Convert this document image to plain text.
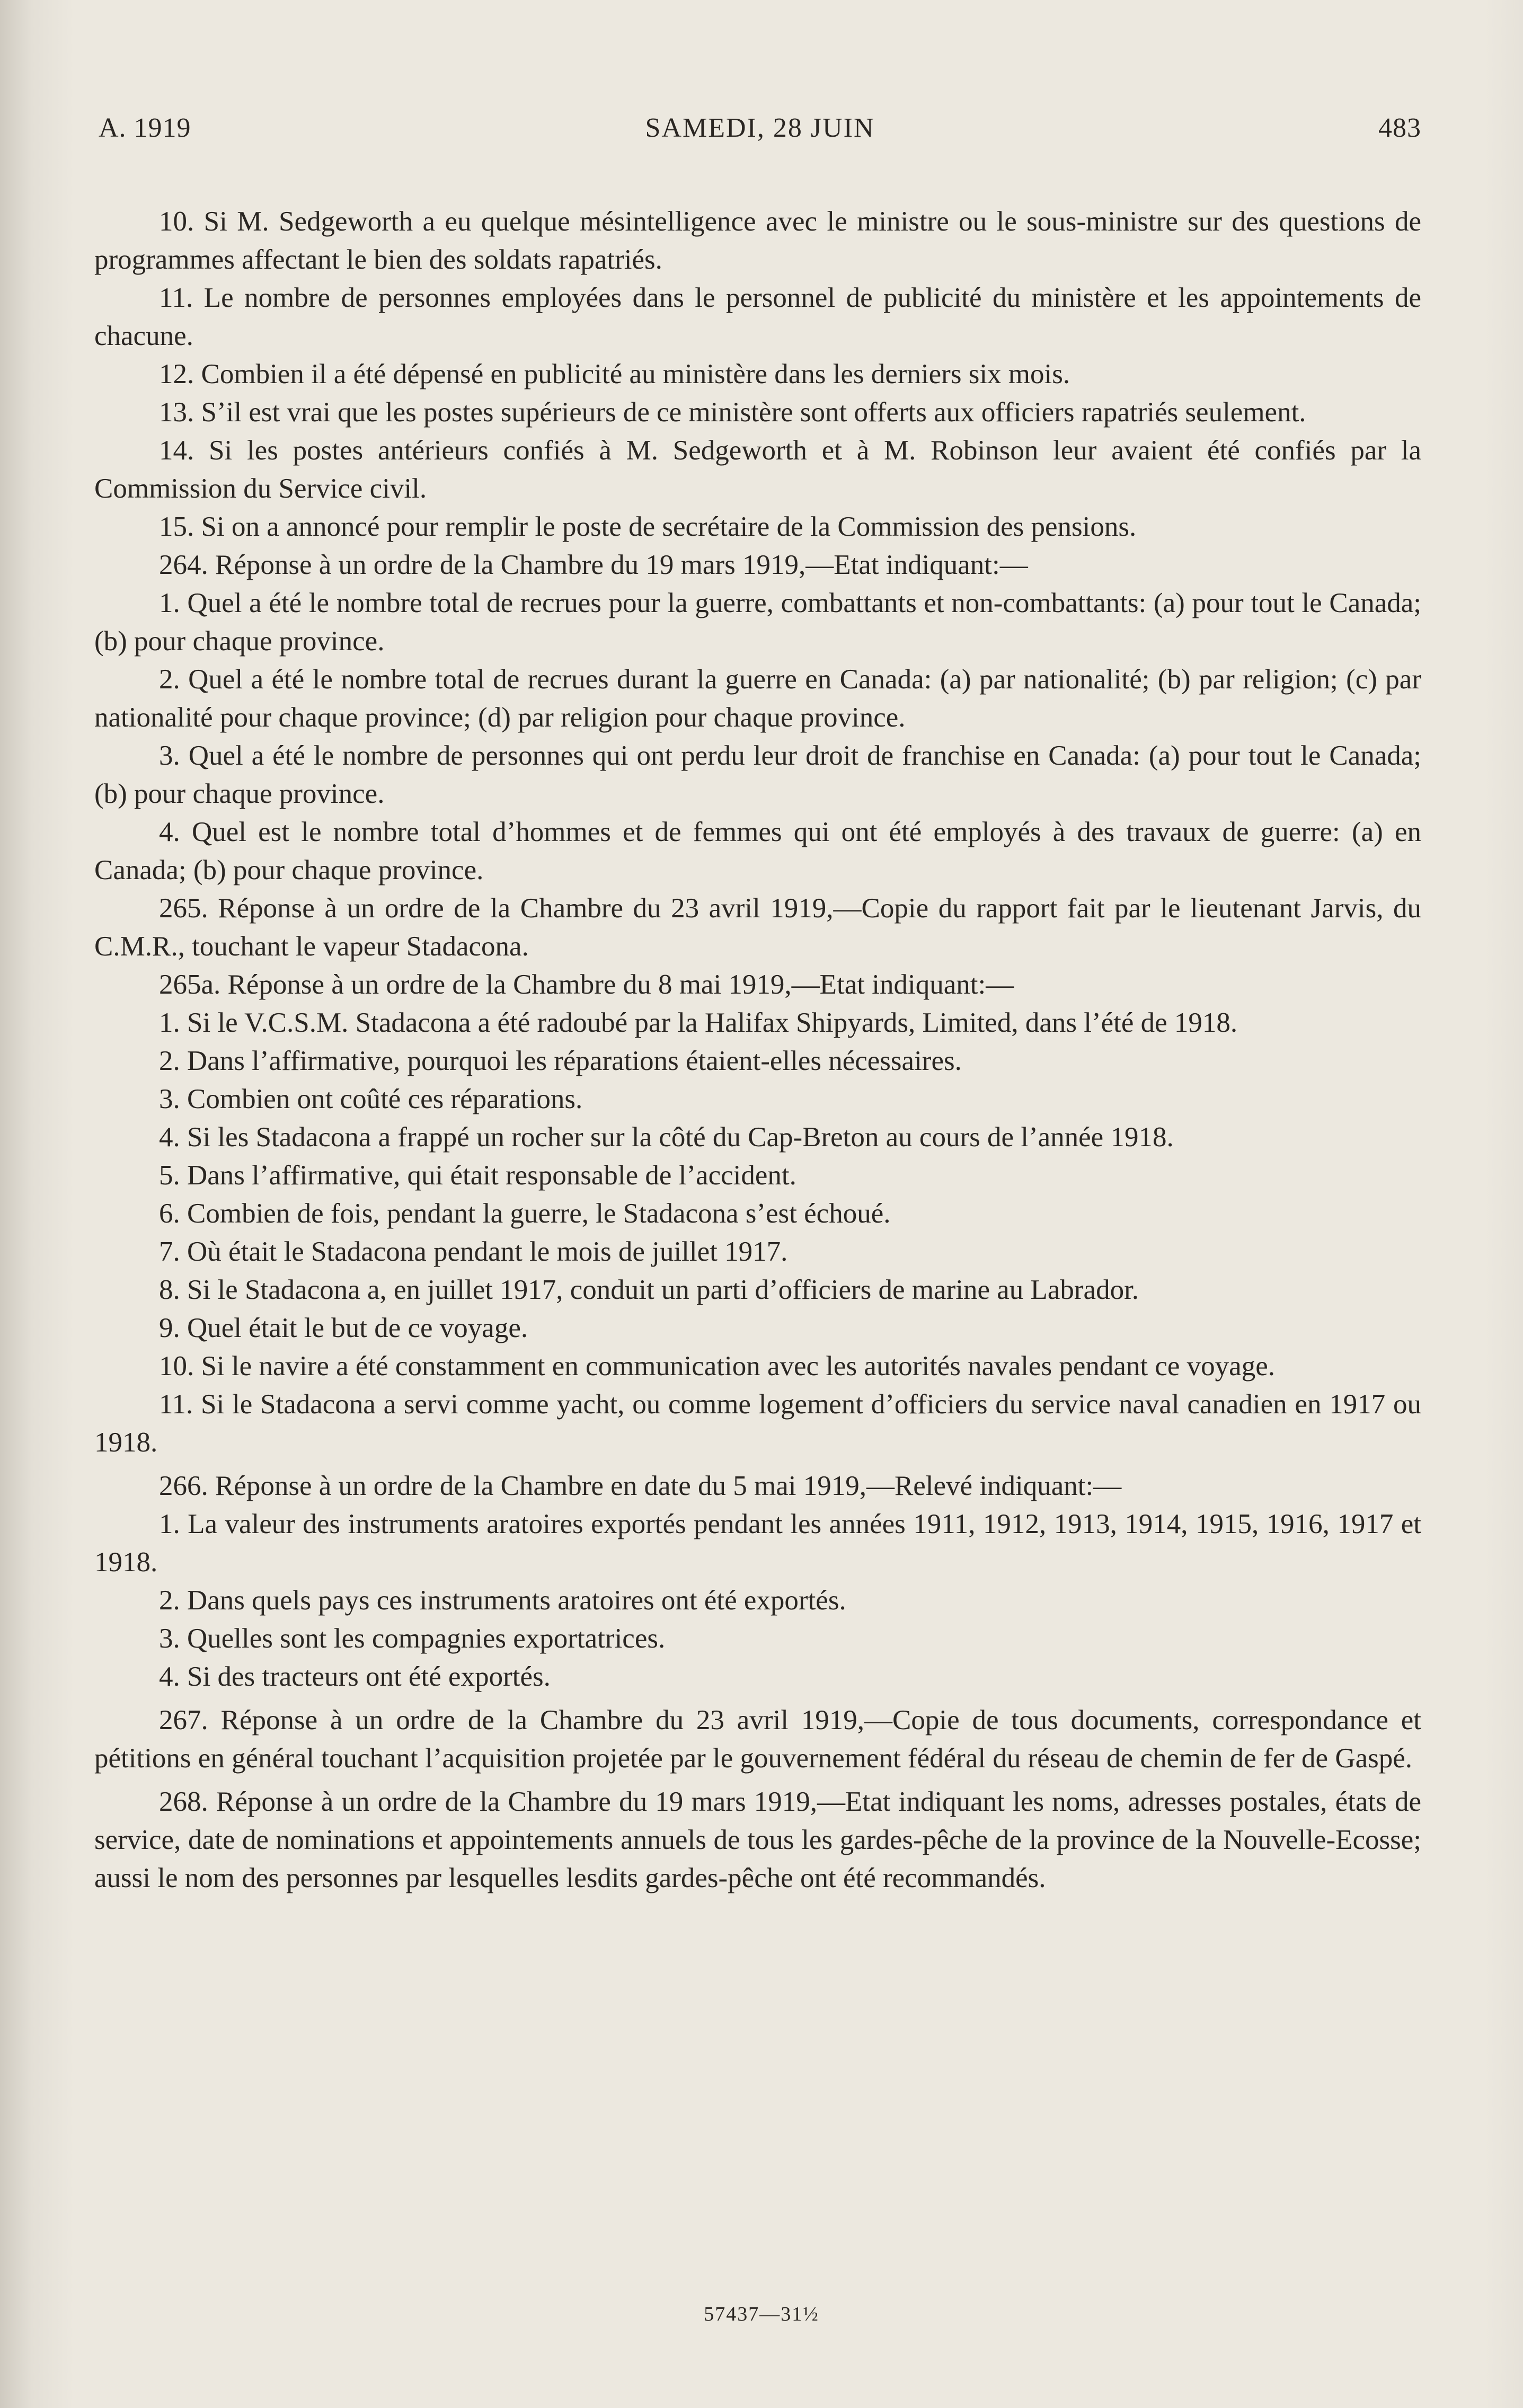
A. 1919	SAMEDI, 28 JUIN	483

10. Si M. Sedgeworth a eu quelque mésintelligence avec le ministre ou le sous-ministre sur des questions de programmes affectant le bien des soldats rapatriés.

11. Le nombre de personnes employées dans le personnel de publicité du ministère et les appointements de chacune.

12. Combien il a été dépensé en publicité au ministère dans les derniers six mois.

13. S’il est vrai que les postes supérieurs de ce ministère sont offerts aux officiers rapatriés seulement.

14. Si les postes antérieurs confiés à M. Sedgeworth et à M. Robinson leur avaient été confiés par la Commission du Service civil.

15. Si on a annoncé pour remplir le poste de secrétaire de la Commission des pensions.

264. Réponse à un ordre de la Chambre du 19 mars 1919,—Etat indiquant:—

1. Quel a été le nombre total de recrues pour la guerre, combattants et non-combattants: (a) pour tout le Canada; (b) pour chaque province.

2. Quel a été le nombre total de recrues durant la guerre en Canada: (a) par nationalité; (b) par religion; (c) par nationalité pour chaque province; (d) par religion pour chaque province.

3. Quel a été le nombre de personnes qui ont perdu leur droit de franchise en Canada: (a) pour tout le Canada; (b) pour chaque province.

4. Quel est le nombre total d’hommes et de femmes qui ont été employés à des travaux de guerre: (a) en Canada; (b) pour chaque province.

265. Réponse à un ordre de la Chambre du 23 avril 1919,—Copie du rapport fait par le lieutenant Jarvis, du C.M.R., touchant le vapeur Stadacona.

265a. Réponse à un ordre de la Chambre du 8 mai 1919,—Etat indiquant:—

1. Si le V.C.S.M. Stadacona a été radoubé par la Halifax Shipyards, Limited, dans l’été de 1918.

2. Dans l’affirmative, pourquoi les réparations étaient-elles nécessaires.

3. Combien ont coûté ces réparations.

4. Si les Stadacona a frappé un rocher sur la côté du Cap-Breton au cours de l’année 1918.

5. Dans l’affirmative, qui était responsable de l’accident.

6. Combien de fois, pendant la guerre, le Stadacona s’est échoué.

7. Où était le Stadacona pendant le mois de juillet 1917.

8. Si le Stadacona a, en juillet 1917, conduit un parti d’officiers de marine au Labrador.

9. Quel était le but de ce voyage.

10. Si le navire a été constamment en communication avec les autorités navales pendant ce voyage.

11. Si le Stadacona a servi comme yacht, ou comme logement d’officiers du service naval canadien en 1917 ou 1918.

266. Réponse à un ordre de la Chambre en date du 5 mai 1919,—Relevé indiquant:—

1. La valeur des instruments aratoires exportés pendant les années 1911, 1912, 1913, 1914, 1915, 1916, 1917 et 1918.

2. Dans quels pays ces instruments aratoires ont été exportés.

3. Quelles sont les compagnies exportatrices.

4. Si des tracteurs ont été exportés.

267. Réponse à un ordre de la Chambre du 23 avril 1919,—Copie de tous documents, correspondance et pétitions en général touchant l’acquisition projetée par le gouvernement fédéral du réseau de chemin de fer de Gaspé.

268. Réponse à un ordre de la Chambre du 19 mars 1919,—Etat indiquant les noms, adresses postales, états de service, date de nominations et appointements annuels de tous les gardes-pêche de la province de la Nouvelle-Ecosse; aussi le nom des personnes par lesquelles lesdits gardes-pêche ont été recommandés.

57437—31½
